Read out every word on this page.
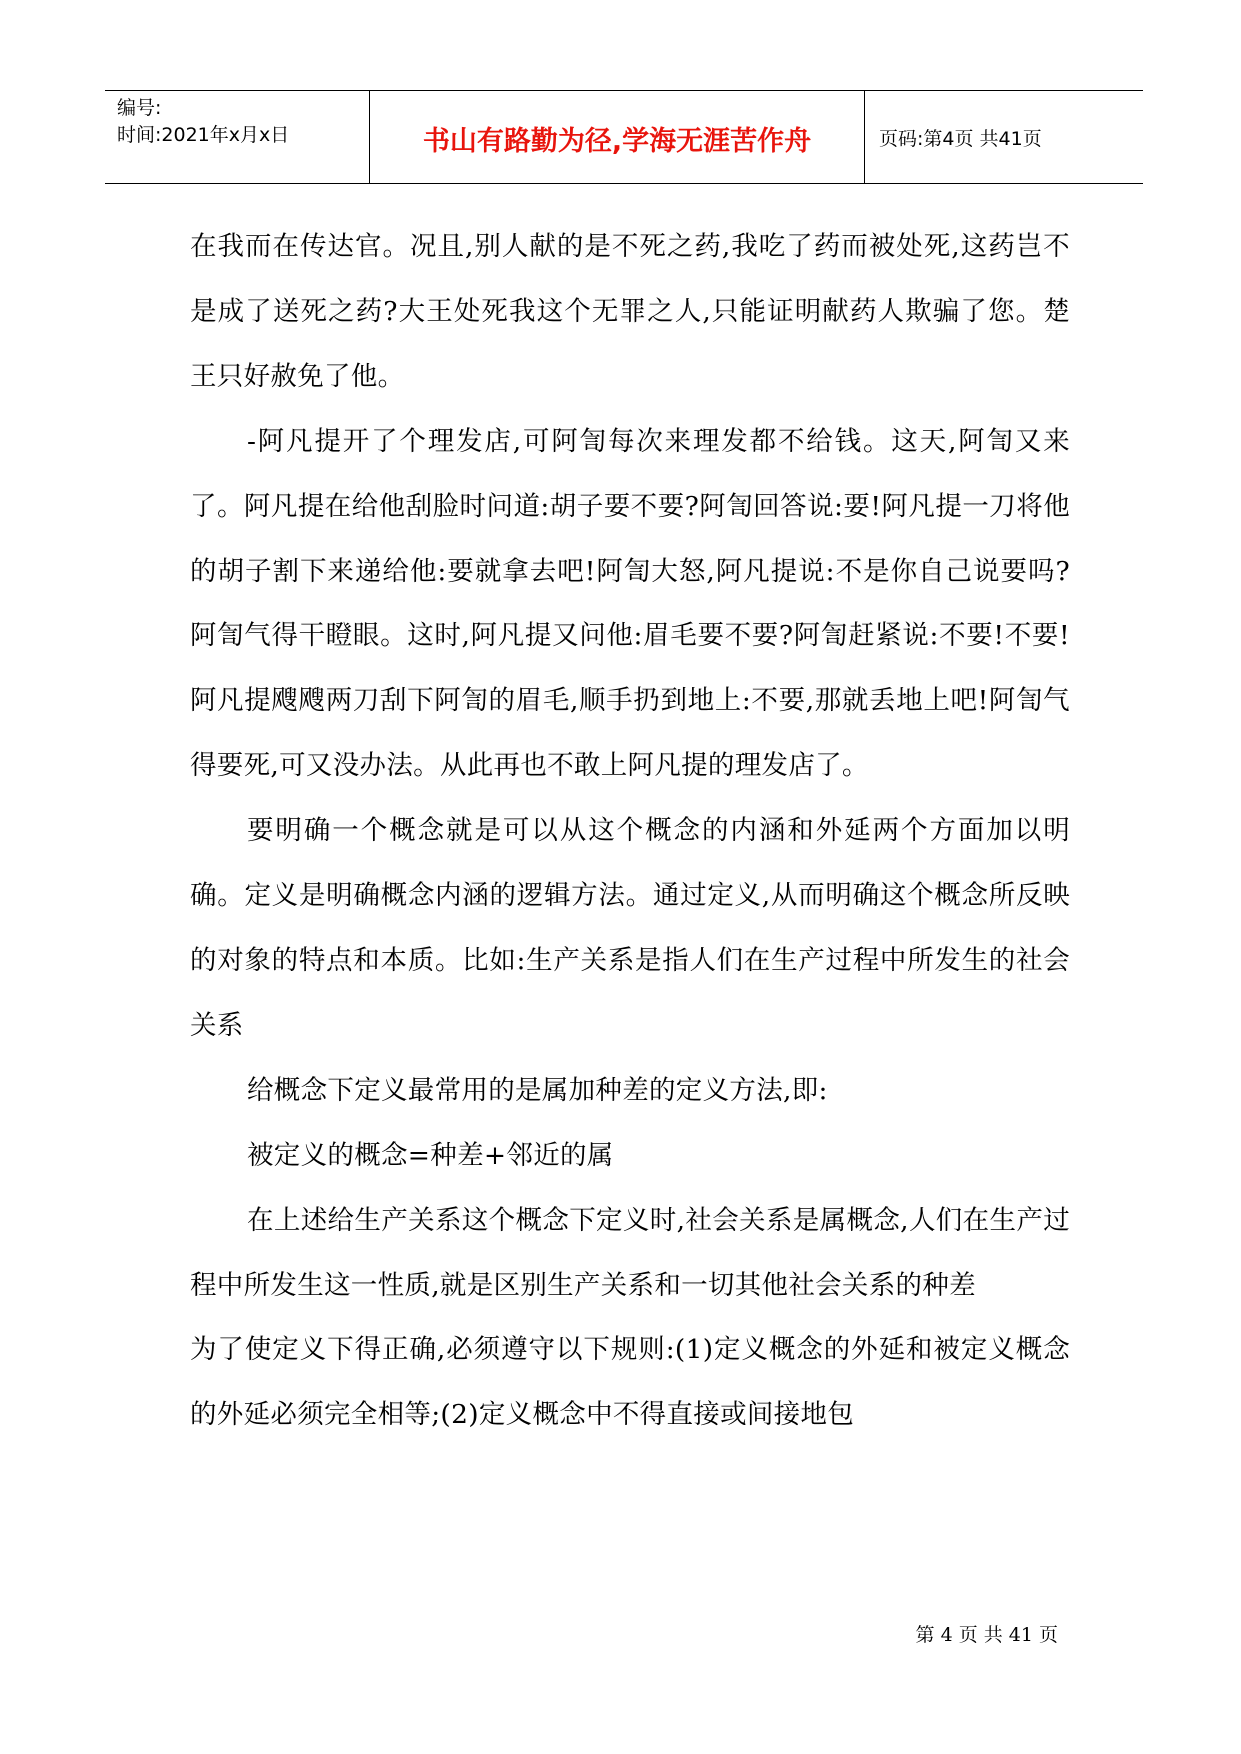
编号:
时间:2021年x月x日	书山有路勤为径,学海无涯苦作舟	页码:第4页 共41页

在我而在传达官。况且,别人献的是不死之药,我吃了药而被处死,这药岂不是成了送死之药?大王处死我这个无罪之人,只能证明献药人欺骗了您。楚王只好赦免了他。

-阿凡提开了个理发店,可阿訇每次来理发都不给钱。这天,阿訇又来了。阿凡提在给他刮脸时问道:胡子要不要?阿訇回答说:要!阿凡提一刀将他的胡子割下来递给他:要就拿去吧!阿訇大怒,阿凡提说:不是你自己说要吗?阿訇气得干瞪眼。这时,阿凡提又问他:眉毛要不要?阿訇赶紧说:不要!不要!阿凡提飕飕两刀刮下阿訇的眉毛,顺手扔到地上:不要,那就丢地上吧!阿訇气得要死,可又没办法。从此再也不敢上阿凡提的理发店了。

要明确一个概念就是可以从这个概念的内涵和外延两个方面加以明确。定义是明确概念内涵的逻辑方法。通过定义,从而明确这个概念所反映的对象的特点和本质。比如:生产关系是指人们在生产过程中所发生的社会关系

给概念下定义最常用的是属加种差的定义方法,即:

被定义的概念=种差+邻近的属

在上述给生产关系这个概念下定义时,社会关系是属概念,人们在生产过程中所发生这一性质,就是区别生产关系和一切其他社会关系的种差

为了使定义下得正确,必须遵守以下规则:(1)定义概念的外延和被定义概念的外延必须完全相等;(2)定义概念中不得直接或间接地包

第 4 页 共 41 页
